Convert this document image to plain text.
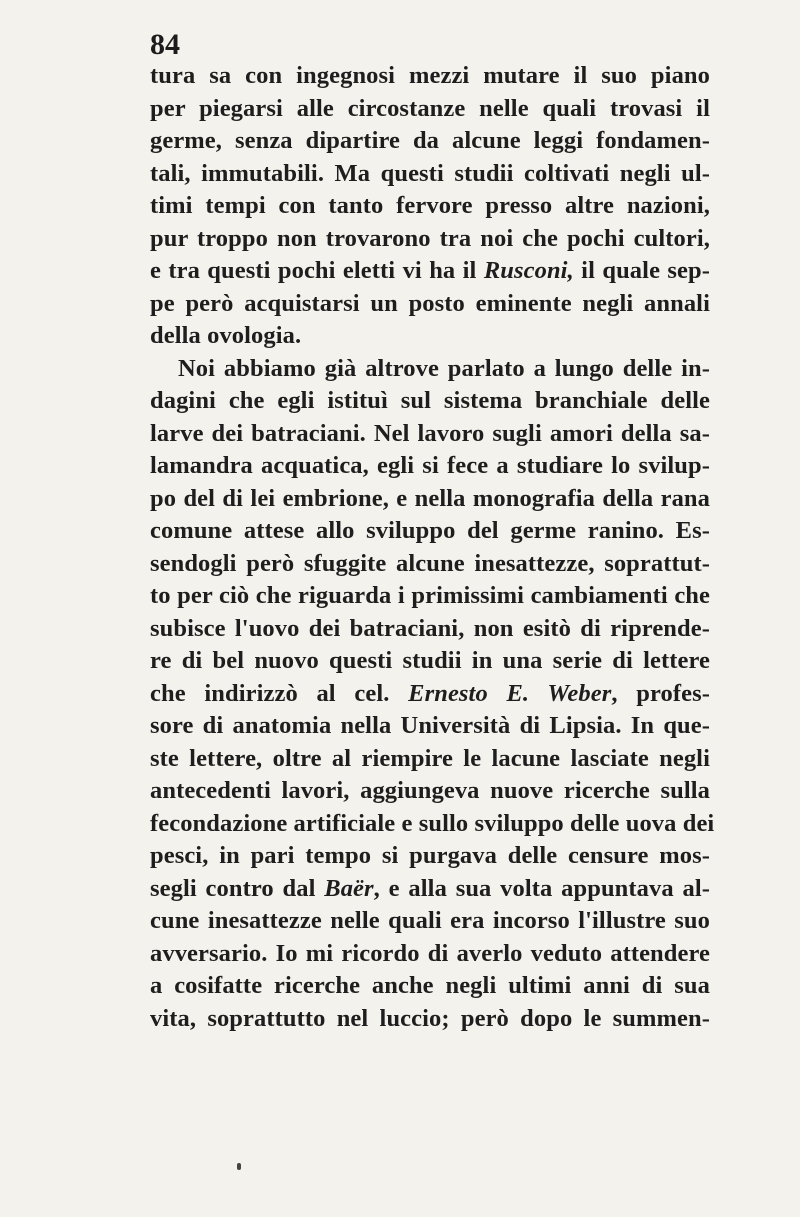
84
tura sa con ingegnosi mezzi mutare il suo piano
per piegarsi alle circostanze nelle quali trovasi il
germe, senza dipartire da alcune leggi fondamen-
tali, immutabili. Ma questi studii coltivati negli ul-
timi tempi con tanto fervore presso altre nazioni,
pur troppo non trovarono tra noi che pochi cultori,
e tra questi pochi eletti vi ha il Rusconi, il quale sep-
pe però acquistarsi un posto eminente negli annali
della ovologia.
Noi abbiamo già altrove parlato a lungo delle in-
dagini che egli istituì sul sistema branchiale delle
larve dei batraciani. Nel lavoro sugli amori della sa-
lamandra acquatica, egli si fece a studiare lo svilup-
po del di lei embrione, e nella monografia della rana
comune attese allo sviluppo del germe ranino. Es-
sendogli però sfuggite alcune inesattezze, soprattut-
to per ciò che riguarda i primissimi cambiamenti che
subisce l'uovo dei batraciani, non esitò di riprende-
re di bel nuovo questi studii in una serie di lettere
che indirizzò al cel. Ernesto E. Weber, profes-
sore di anatomia nella Università di Lipsia. In que-
ste lettere, oltre al riempire le lacune lasciate negli
antecedenti lavori, aggiungeva nuove ricerche sulla
fecondazione artificiale e sullo sviluppo delle uova dei
pesci, in pari tempo si purgava delle censure mos-
segli contro dal Baër, e alla sua volta appuntava al-
cune inesattezze nelle quali era incorso l'illustre suo
avversario. Io mi ricordo di averlo veduto attendere
a cosifatte ricerche anche negli ultimi anni di sua
vita, soprattutto nel luccio; però dopo le summen-
